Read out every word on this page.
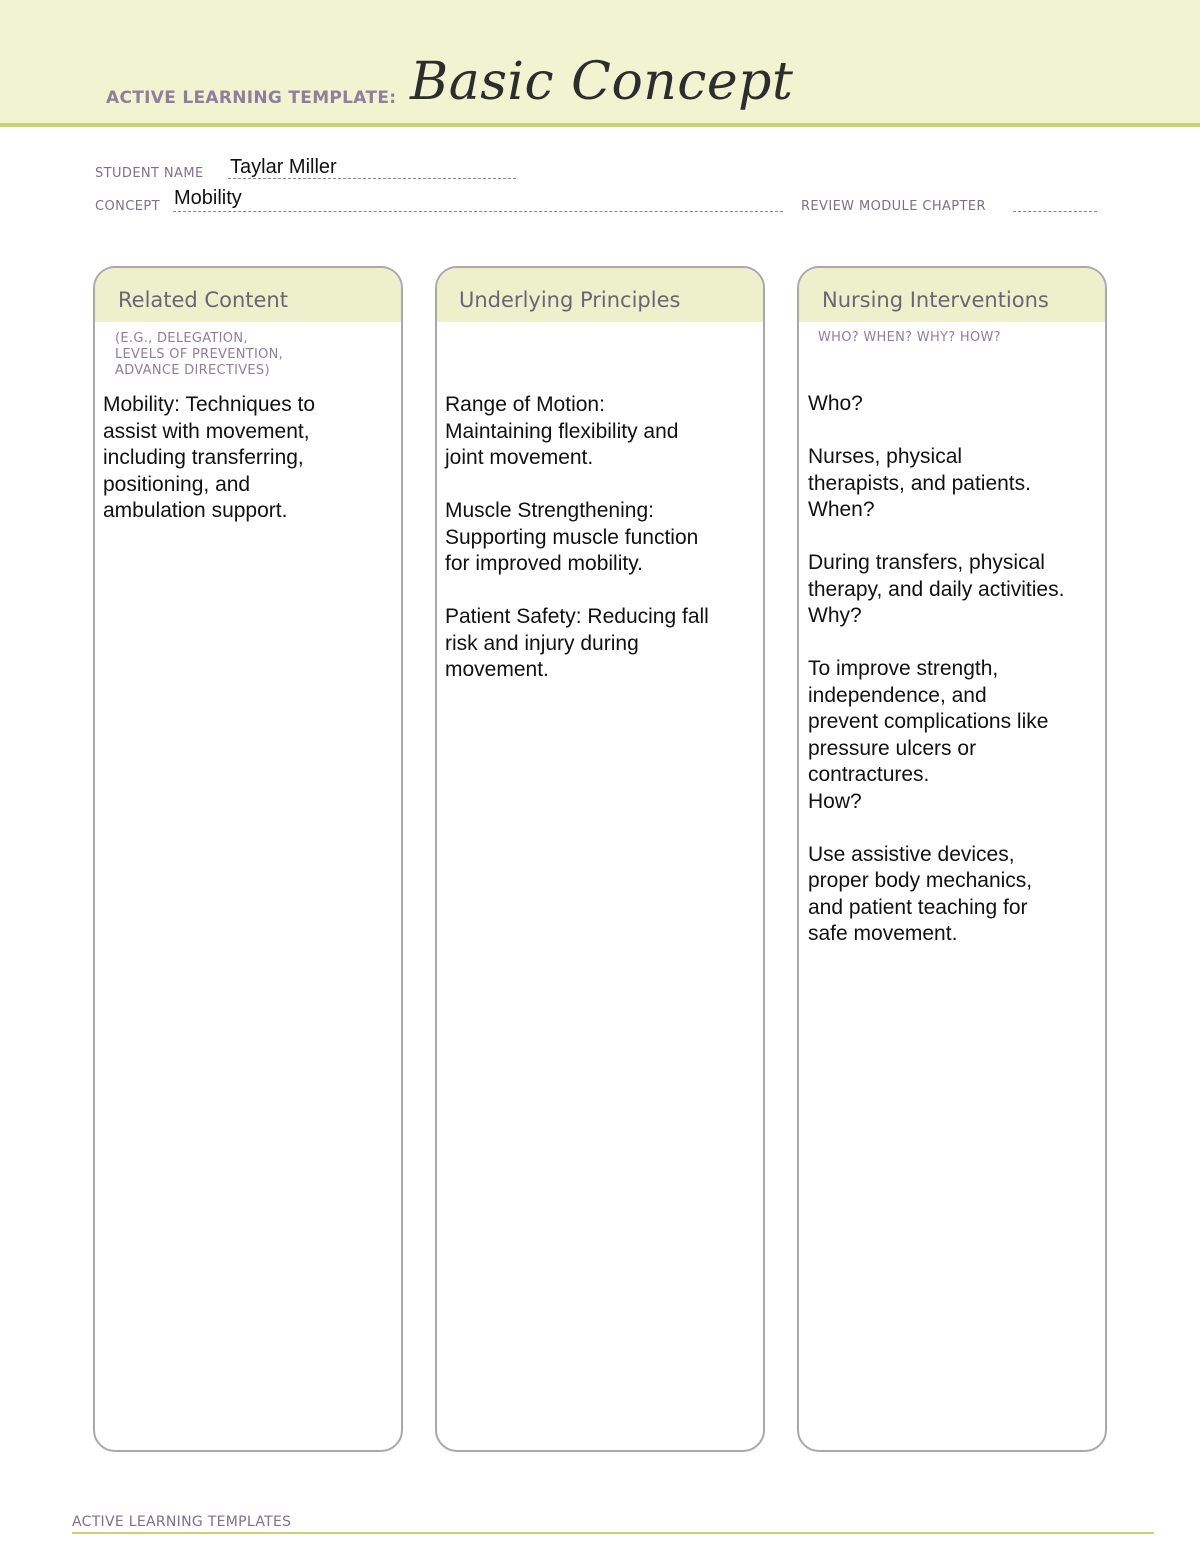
ACTIVE LEARNING TEMPLATE: Basic Concept
STUDENT NAME Taylar Miller
CONCEPT Mobility	REVIEW MODULE CHAPTER
Related Content
(E.G., DELEGATION,
LEVELS OF PREVENTION,
ADVANCE DIRECTIVES)
Mobility: Techniques to
assist with movement,
including transferring,
positioning, and
ambulation support.
Underlying Principles
Range of Motion:
Maintaining flexibility and
joint movement.

Muscle Strengthening:
Supporting muscle function
for improved mobility.

Patient Safety: Reducing fall
risk and injury during
movement.
Nursing Interventions
WHO? WHEN? WHY? HOW?
Who?

Nurses, physical
therapists, and patients.
When?

During transfers, physical
therapy, and daily activities.
Why?

To improve strength,
independence, and
prevent complications like
pressure ulcers or
contractures.
How?

Use assistive devices,
proper body mechanics,
and patient teaching for
safe movement.
ACTIVE LEARNING TEMPLATES
